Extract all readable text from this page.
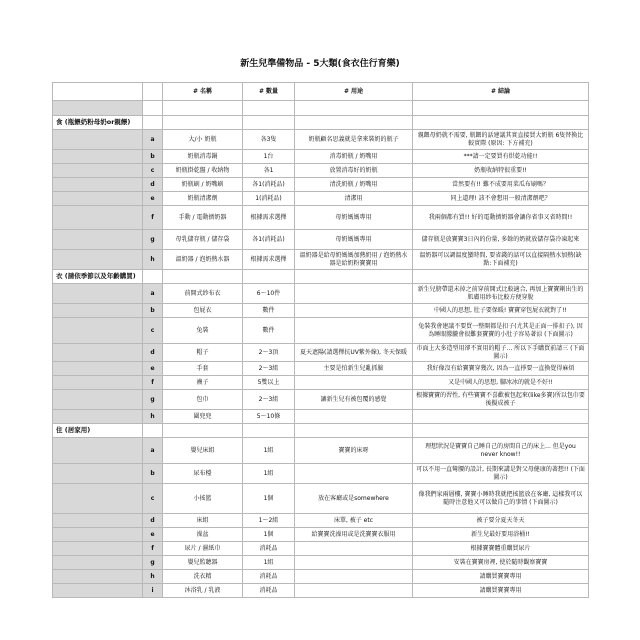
新生兒準備物品 - 5大類(食衣住行育樂)
		# 名稱	# 數量	# 用途	# 結論

食 (瓶餵奶粉母奶or親餵)					
	a	大/小 奶瓶	各3隻	奶瓶顧名思義就是拿來裝奶的瓶子	親餵母奶就不需要, 瓶餵的話建議其實直接買大奶瓶 6隻替換比較實際 (原因: 下方補充)
	b	奶瓶消毒鍋	1台	消毒奶瓶 / 奶嘴用	***請一定要買有烘乾功能!!
	c	奶瓶掛乾盤 / 收納物	各1	放置消毒好的奶瓶	奶瓶收納特很重要!!
	d	奶瓶刷 / 奶嘴刷	各1(消耗品)	清洗奶瓶 / 奶嘴用	當然要有!! 難不成要用菜瓜布刷嗎？
	e	奶瓶清潔劑	1(消耗品)	清潔用	同上道理! 該不會想用一般清潔劑吧？
	f	手動 / 電動擠奶器	根據需求選擇	母奶媽媽專用	我兩個都有買!! 好的電動擠奶器會讓你省事又省時間!!
	g	母乳儲存瓶 / 儲存袋	各1(消耗品)	母奶媽媽專用	儲存瓶是放寶寶3日內的份量, 多餘的奶就放儲存袋冷凍起來
	h	溫奶器 / 泡奶熱水器	根據需求選擇	溫奶器是給母奶媽媽加熱奶用 / 泡奶熱水器是給奶粉寶寶用	溫奶器可以調溫度蠻時間, 要省錢的話可以直接隔熱水加熱(缺點:下面補充)
衣 (請依季節以及年齡購買)					
	a	前開式紗布衣	6～10件		新生兒膀帶還未掉之前穿前開式比較適合, 再加上寶寶剛出生的肌膚用紗布比較方便穿脫
	b	包屁衣	數件		中國人的思想, 肚子要保暖! 寶寶穿包屁衣就對了!!
	c	兔裝	數件		兔裝我會建議不要買一整開都是扣子(尤其是正面一排扣子), 因為睡眼朦朧會很難套寶寶的小肚子容易著涼 (下面圖示)
	d	帽子	2～3頂	夏天遮陽(請選擇抗UV紫外線), 冬天保暖	市面上大多造型用卻不實用的帽子... 所以下手購買前請三 (下面圖示)
	e	手套	2～3組	主要是怕新生兒亂抓臉	我好像沒有給寶寶穿幾次, 因為一直掙要一直換覺得麻煩
	f	襪子	5雙以上		又是中國人的思想, 腳冰冰的就是不好!!
	g	包巾	2～3組	讓新生兒有被包覆的感覺	根據寶寶的習性, 有些寶寶不喜歡被包起來(like多寶)所以包巾要後擬成被子
	h	圍兜兜	5～10條		
住 (居家用)					
	a	嬰兒床組	1組	寶寶的床呀	理想狀況是寶寶自己睡自己的房間自己的床上... 但是you never know!!
	b	尿布檯	1組		可以不用一直彎腰的設計, 長期來講是對父母健康的著想!! (下面圖示)
	c	小搖籃	1個	放在客廳或是somewhere	像我們家兩層樓, 寶寶小睡時我就把搖籃放在客廳, 這樣我可以隨時注意他又可以做自己的事情 (下面圖示)
	d	床組	1～2組	床單, 被子 etc	被子要分夏天冬天
	e	澡盆	1個	給寶寶洗澡用或是洗寶寶衣服用	新生兒最好要用浴桶!!
	f	尿片 / 濕紙巾	消耗品		根據寶寶體重購買尿片
	g	嬰兒監聽器	1組		安裝在寶寶房裡, 使於隨時觀察寶寶
	h	洗衣精	消耗品		請購買寶寶專用
	i	沐浴乳 / 乳液	消耗品		請購買寶寶專用
